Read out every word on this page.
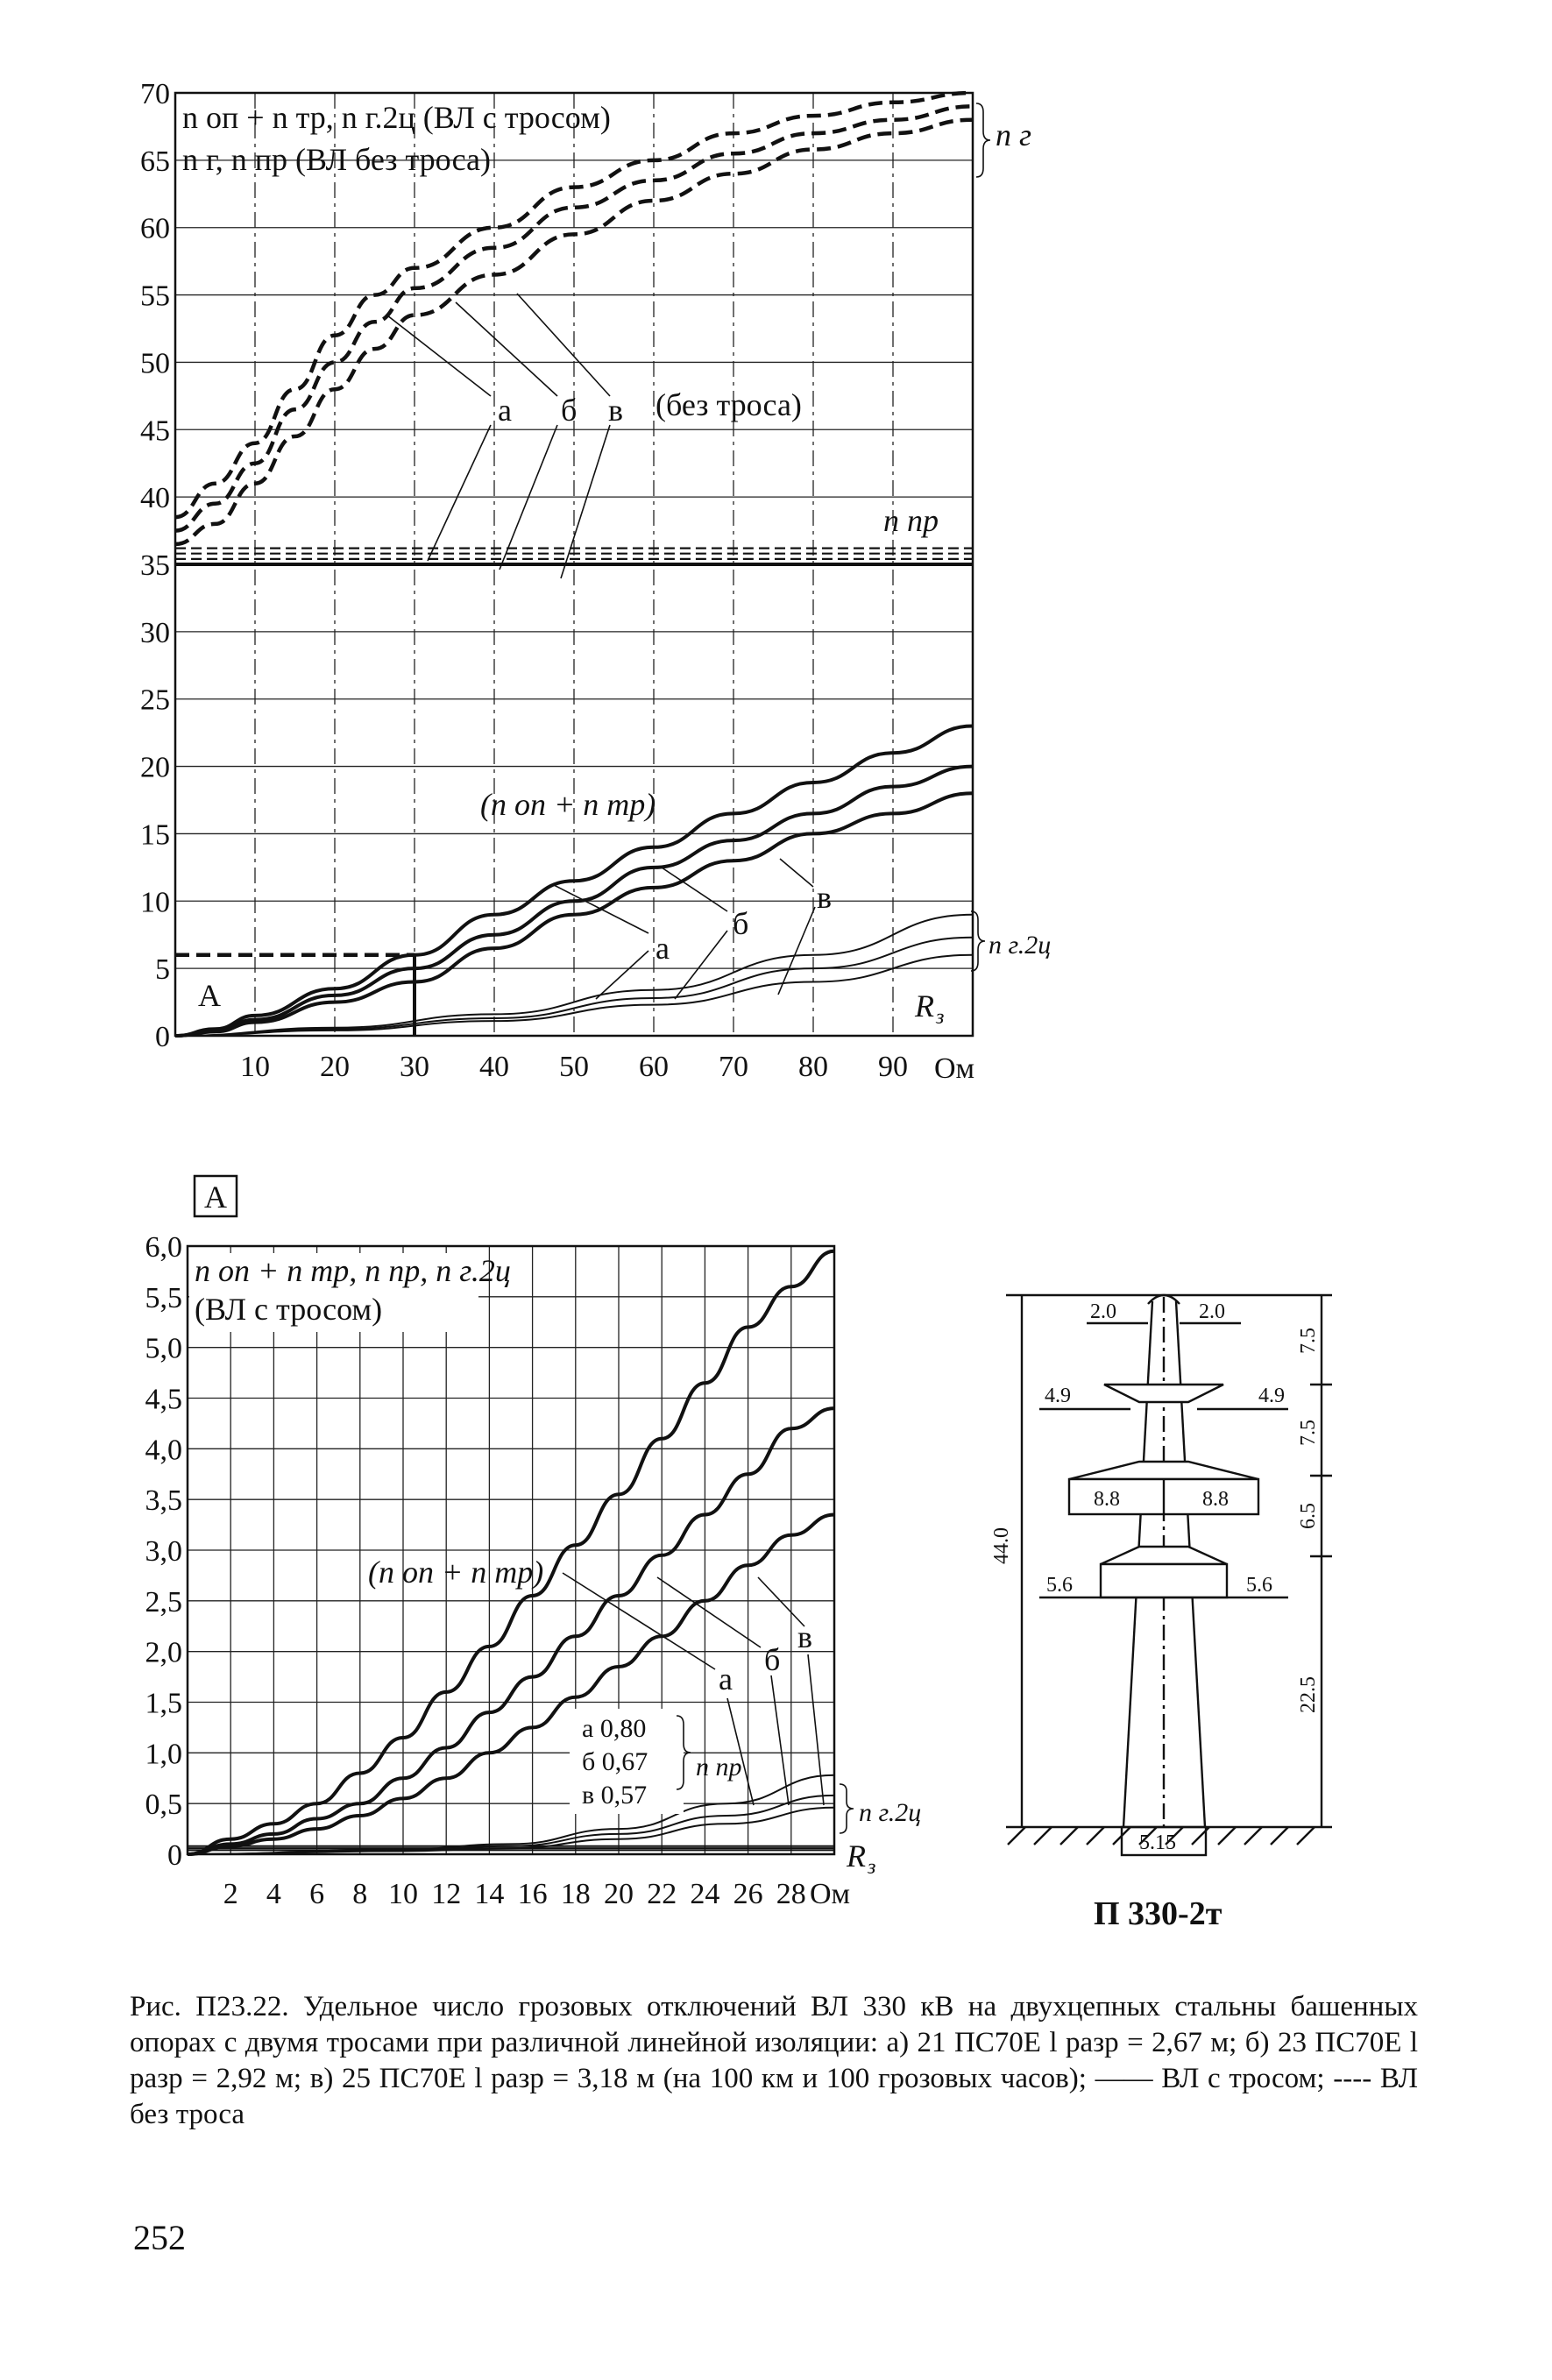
0
5
10
15
20
25
30
35
40
45
50
55
60
65
70
10 20 30 40 50 60 70 80 90
n оп + n тр, n г.2ц (ВЛ с тросом)
n г, n пр (ВЛ без троса)
n г
n пр
а б в (без троса)
(n оп + n тр)
а
б
в
n г.2ц
А	R з
Ом
А
0
0,5
1,0
1,5
2,0
2,5
3,0
3,5
4,0
4,5
5,0
5,5
6,0
2 4 6 8 10 12 14 16 18 20 22 24 26 28
n оп + n тр, n пр, n г.2ц
(ВЛ с тросом)
(n оп + n тр)
а
б
в
а 0,80
б 0,67
в 0,57
n пр
n г.2ц
R з
Ом
2.0	2.0
4.9	4.9
8.8	8.8
5.6	5.6
5.15
44.0
7.5
7.5
6.5
22.5
П 330-2т
Рис. П23.22. Удельное число грозовых отключений ВЛ 330 кВ на двухцепных стальны башенных опорах с двумя тросами при различной линейной изоляции: а) 21 ПС70Е l разр = 2,67 м; б) 23 ПС70Е l разр = 2,92 м; в) 25 ПС70Е l разр = 3,18 м (на 100 км и 100 грозовых часов); —— ВЛ с тросом; ---- ВЛ без троса
252
